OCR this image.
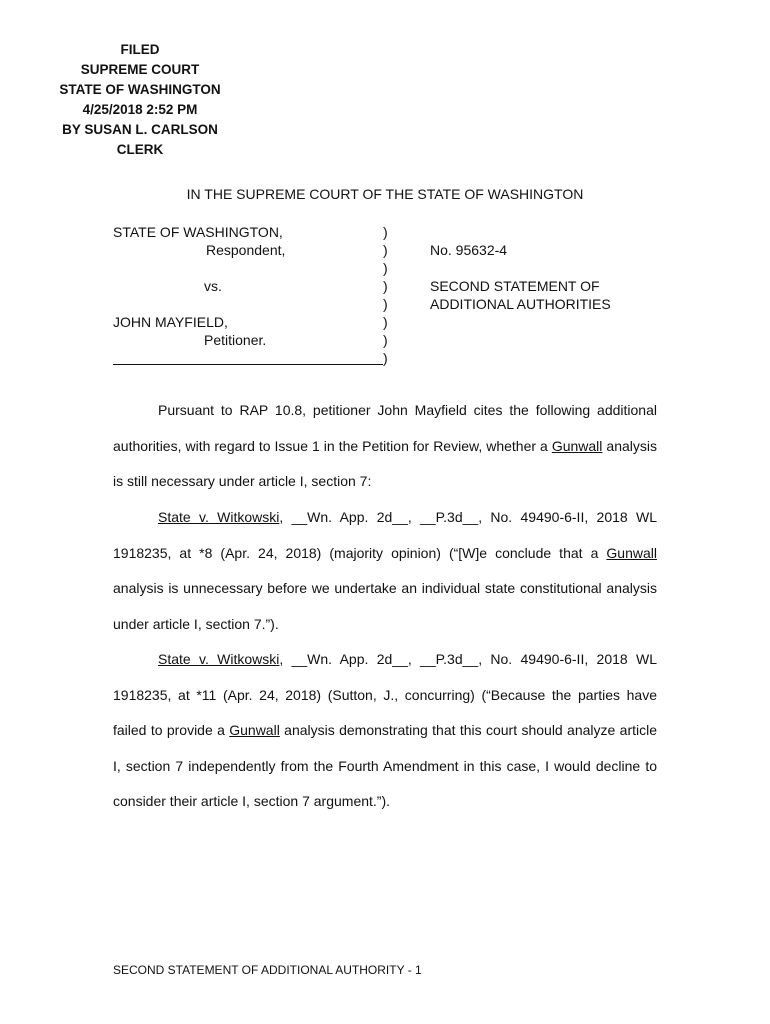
FILED
SUPREME COURT
STATE OF WASHINGTON
4/25/2018 2:52 PM
BY SUSAN L. CARLSON
CLERK
IN THE SUPREME COURT OF THE STATE OF WASHINGTON
STATE OF WASHINGTON,
Respondent,
vs.
JOHN MAYFIELD,
Petitioner.
)
)
)
)
)
)
)
)
No. 95632-4
SECOND STATEMENT OF
ADDITIONAL AUTHORITIES

Pursuant to RAP 10.8, petitioner John Mayfield cites the following additional authorities, with regard to Issue 1 in the Petition for Review, whether a Gunwall analysis is still necessary under article I, section 7:

State v. Witkowski, __Wn. App. 2d__, __P.3d__, No. 49490-6-II, 2018 WL 1918235, at *8 (Apr. 24, 2018) (majority opinion) (“[W]e conclude that a Gunwall analysis is unnecessary before we undertake an individual state constitutional analysis under article I, section 7.”).

State v. Witkowski, __Wn. App. 2d__, __P.3d__, No. 49490-6-II, 2018 WL 1918235, at *11 (Apr. 24, 2018) (Sutton, J., concurring) (“Because the parties have failed to provide a Gunwall analysis demonstrating that this court should analyze article I, section 7 independently from the Fourth Amendment in this case, I would decline to consider their article I, section 7 argument.”).

SECOND STATEMENT OF ADDITIONAL AUTHORITY - 1
